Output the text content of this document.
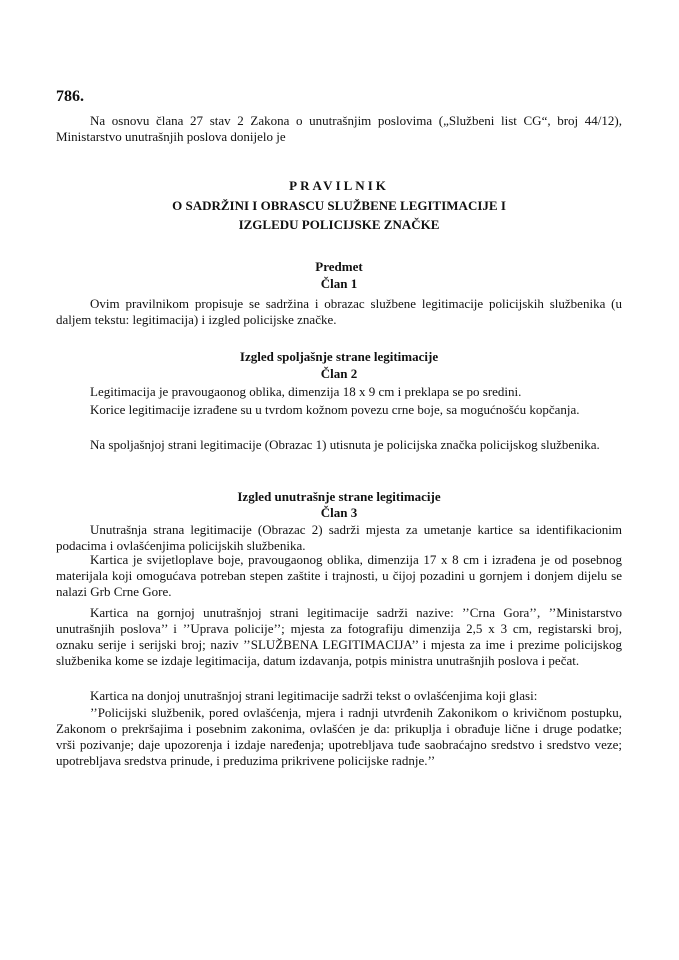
786.
Na osnovu člana 27 stav 2 Zakona o unutrašnjim poslovima („Službeni list CG“, broj 44/12), Ministarstvo unutrašnjih poslova donijelo je
PRAVILNIK
O SADRŽINI I OBRASCU SLUŽBENE LEGITIMACIJE I
IZGLEDU POLICIJSKE ZNAČKE
Predmet
Član 1
Ovim pravilnikom propisuje se sadržina i obrazac službene legitimacije policijskih službenika (u daljem tekstu: legitimacija) i izgled policijske značke.
Izgled spoljašnje strane legitimacije
Član 2
Legitimacija je pravougaonog oblika, dimenzija 18 x 9 cm i preklapa se po sredini.
Korice legitimacije izrađene su u tvrdom kožnom povezu crne boje, sa mogućnošću kopčanja.
Na spoljašnjoj strani legitimacije (Obrazac 1) utisnuta je policijska značka policijskog službenika.
Izgled unutrašnje strane legitimacije
Član 3
Unutrašnja strana legitimacije (Obrazac 2) sadrži mjesta za umetanje kartice sa identifikacionim podacima i ovlašćenjima policijskih službenika.
Kartica je svijetloplave boje, pravougaonog oblika, dimenzija 17 x 8 cm i izrađena je od posebnog materijala koji omogućava potreban stepen zaštite i trajnosti, u čijoj pozadini u gornjem i donjem dijelu se nalazi Grb Crne Gore.
Kartica na gornjoj unutrašnjoj strani legitimacije sadrži nazive: ’’Crna Gora’’, ’’Ministarstvo unutrašnjih poslova’’ i ’’Uprava policije’’; mjesta za fotografiju dimenzija 2,5 x 3 cm, registarski broj, oznaku serije i serijski broj; naziv ’’SLUŽBENA LEGITIMACIJA’’ i mjesta za ime i prezime policijskog službenika kome se izdaje legitimacija, datum izdavanja, potpis ministra unutrašnjih poslova i pečat.
Kartica na donjoj unutrašnjoj strani legitimacije sadrži tekst o ovlašćenjima koji glasi:
’’Policijski službenik, pored ovlašćenja, mjera i radnji utvrđenih Zakonikom o krivičnom postupku, Zakonom o prekršajima i posebnim zakonima, ovlašćen je da: prikuplja i obrađuje lične i druge podatke; vrši pozivanje; daje upozorenja i izdaje naređenja; upotrebljava tuđe saobraćajno sredstvo i sredstvo veze; upotrebljava sredstva prinude, i preduzima prikrivene policijske radnje.’’
